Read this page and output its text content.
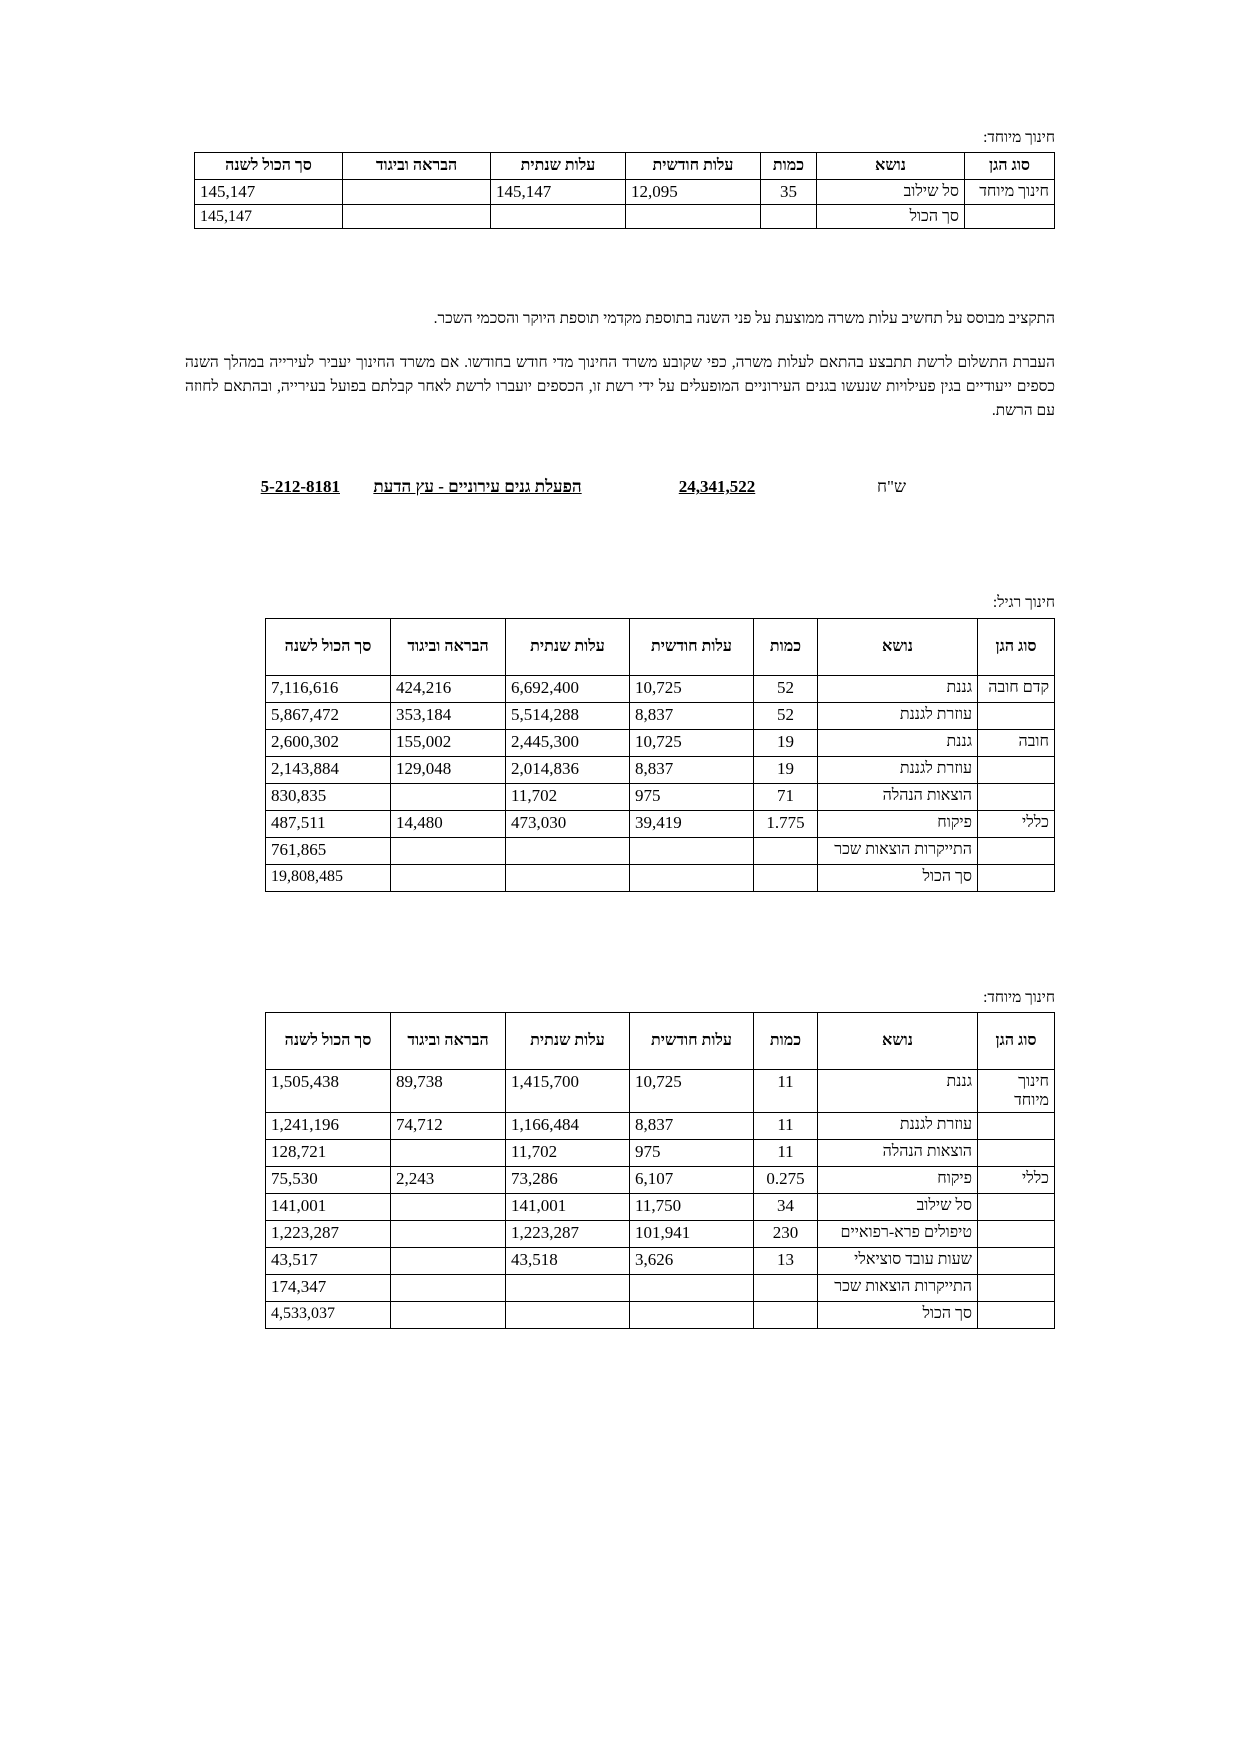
חינוך מיוחד:
סוג הגן	נושא	כמות	עלות חודשית	עלות שנתית	הבראה וביגוד	סך הכול לשנה
חינוך מיוחד	סל שילוב	35	12,095	145,147		145,147
	סך הכול					145,147

התקציב מבוסס על תחשיב עלות משרה ממוצעת על פני השנה בתוספת מקדמי תוספת היוקר והסכמי השכר.

העברת התשלום לרשת תתבצע בהתאם לעלות משרה, כפי שקובע משרד החינוך מדי חודש בחודשו. אם משרד החינוך יעביר לעירייה במהלך השנה כספים ייעודיים בגין פעילויות שנעשו בגנים העירוניים המופעלים על ידי רשת זו, הכספים יועברו לרשת לאחר קבלתם בפועל בעירייה, ובהתאם לחוזה עם הרשת.

5-212-8181	הפעלת גנים עירוניים - עץ הדעת	24,341,522	ש"ח
חינוך רגיל:
סוג הגן	נושא	כמות	עלות חודשית	עלות שנתית	הבראה וביגוד	סך הכול לשנה
קדם חובה	גננת	52	10,725	6,692,400	424,216	7,116,616
	עוזרת לגננת	52	8,837	5,514,288	353,184	5,867,472
חובה	גננת	19	10,725	2,445,300	155,002	2,600,302
	עוזרת לגננת	19	8,837	2,014,836	129,048	2,143,884
	הוצאות הנהלה	71	975	11,702		830,835
כללי	פיקוח	1.775	39,419	473,030	14,480	487,511
	התייקרות הוצאות שכר					761,865
	סך הכול					19,808,485
חינוך מיוחד:
סוג הגן	נושא	כמות	עלות חודשית	עלות שנתית	הבראה וביגוד	סך הכול לשנה
חינוך מיוחד	גננת	11	10,725	1,415,700	89,738	1,505,438
	עוזרת לגננת	11	8,837	1,166,484	74,712	1,241,196
	הוצאות הנהלה	11	975	11,702		128,721
כללי	פיקוח	0.275	6,107	73,286	2,243	75,530
	סל שילוב	34	11,750	141,001		141,001
	טיפולים פרא-רפואיים	230	101,941	1,223,287		1,223,287
	שעות עובד סוציאלי	13	3,626	43,518		43,517
	התייקרות הוצאות שכר					174,347
	סך הכול					4,533,037
